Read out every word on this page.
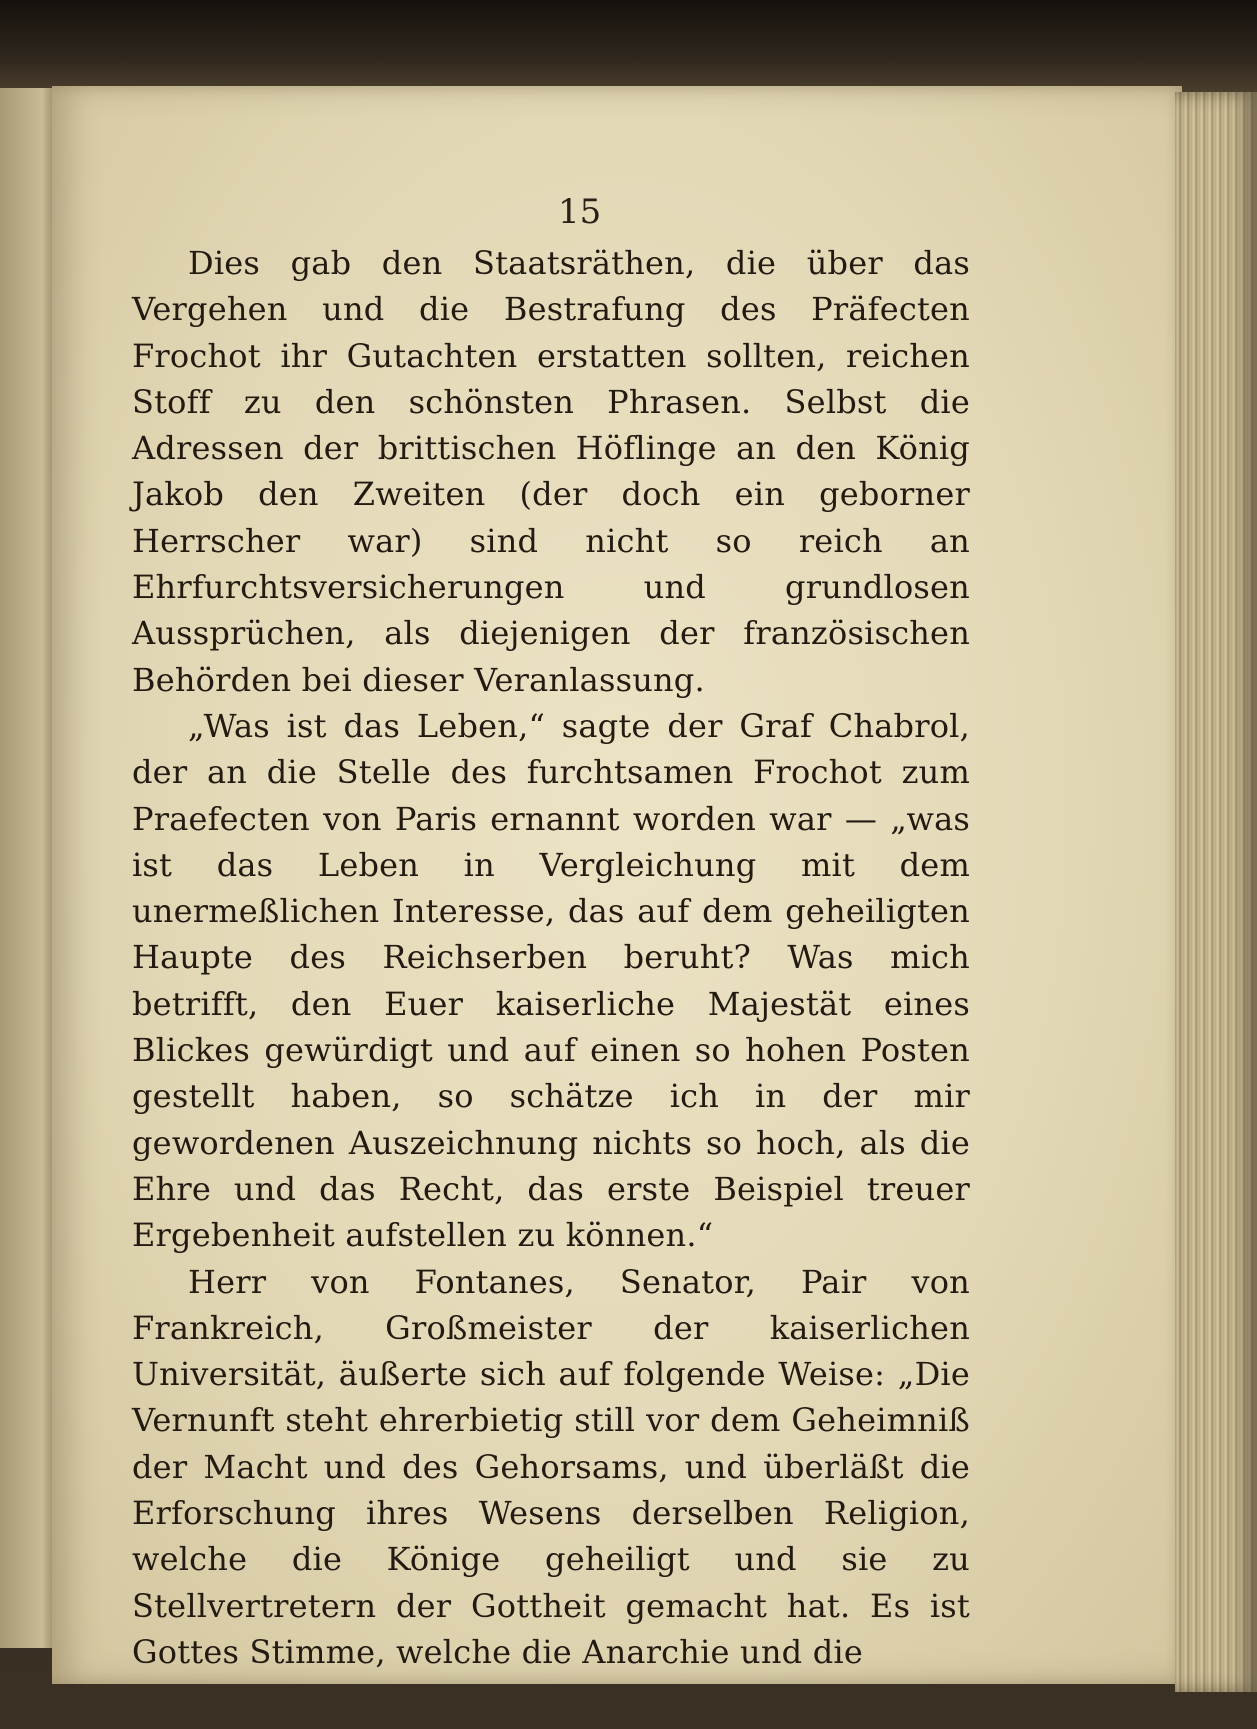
15

Dies gab den Staatsräthen, die über das Vergehen und die Bestrafung des Präfecten Frochot ihr Gutachten erstatten sollten, reichen Stoff zu den schönsten Phrasen. Selbst die Adressen der brittischen Höflinge an den König Jakob den Zweiten (der doch ein geborner Herrscher war) sind nicht so reich an Ehrfurchtsversicherungen und grundlosen Aussprüchen, als diejenigen der französischen Behörden bei dieser Veranlassung.

„Was ist das Leben,“ sagte der Graf Chabrol, der an die Stelle des furchtsamen Frochot zum Praefecten von Paris ernannt worden war — „was ist das Leben in Vergleichung mit dem unermeßlichen Interesse, das auf dem geheiligten Haupte des Reichserben beruht? Was mich betrifft, den Euer kaiserliche Majestät eines Blickes gewürdigt und auf einen so hohen Posten gestellt haben, so schätze ich in der mir gewordenen Auszeichnung nichts so hoch, als die Ehre und das Recht, das erste Beispiel treuer Ergebenheit aufstellen zu können.“

Herr von Fontanes, Senator, Pair von Frankreich, Großmeister der kaiserlichen Universität, äußerte sich auf folgende Weise: „Die Vernunft steht ehrerbietig still vor dem Geheimniß der Macht und des Gehorsams, und überläßt die Erforschung ihres Wesens derselben Religion, welche die Könige geheiligt und sie zu Stellvertretern der Gottheit gemacht hat. Es ist Gottes Stimme, welche die Anarchie und die
